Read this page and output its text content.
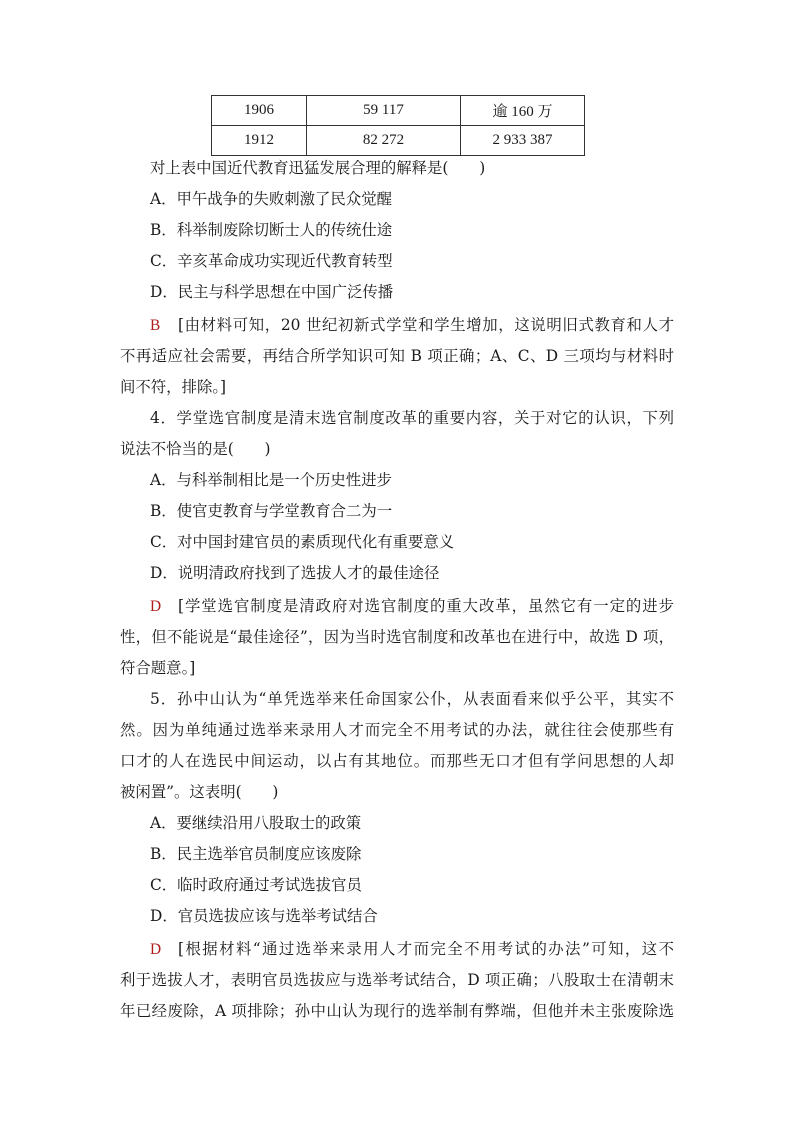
1906	59 117	逾 160 万
1912	82 272	2 933 387
对上表中国近代教育迅猛发展合理的解释是(　　)
A．甲午战争的失败刺激了民众觉醒
B．科举制废除切断士人的传统仕途
C．辛亥革命成功实现近代教育转型
D．民主与科学思想在中国广泛传播
B [由材料可知，20 世纪初新式学堂和学生增加，这说明旧式教育和人才
不再适应社会需要，再结合所学知识可知 B 项正确；A、C、D 三项均与材料时
间不符，排除。]
4．学堂选官制度是清末选官制度改革的重要内容，关于对它的认识，下列
说法不恰当的是(　　)
A．与科举制相比是一个历史性进步
B．使官吏教育与学堂教育合二为一
C．对中国封建官员的素质现代化有重要意义
D．说明清政府找到了选拔人才的最佳途径
D [学堂选官制度是清政府对选官制度的重大改革，虽然它有一定的进步
性，但不能说是“最佳途径”，因为当时选官制度和改革也在进行中，故选 D 项，
符合题意。]
5．孙中山认为“单凭选举来任命国家公仆，从表面看来似乎公平，其实不
然。因为单纯通过选举来录用人才而完全不用考试的办法，就往往会使那些有
口才的人在选民中间运动，以占有其地位。而那些无口才但有学问思想的人却
被闲置”。这表明(　　)
A．要继续沿用八股取士的政策
B．民主选举官员制度应该废除
C．临时政府通过考试选拔官员
D．官员选拔应该与选举考试结合
D [根据材料“通过选举来录用人才而完全不用考试的办法”可知，这不
利于选拔人才，表明官员选拔应与选举考试结合，D 项正确；八股取士在清朝末
年已经废除，A 项排除；孙中山认为现行的选举制有弊端，但他并未主张废除选
